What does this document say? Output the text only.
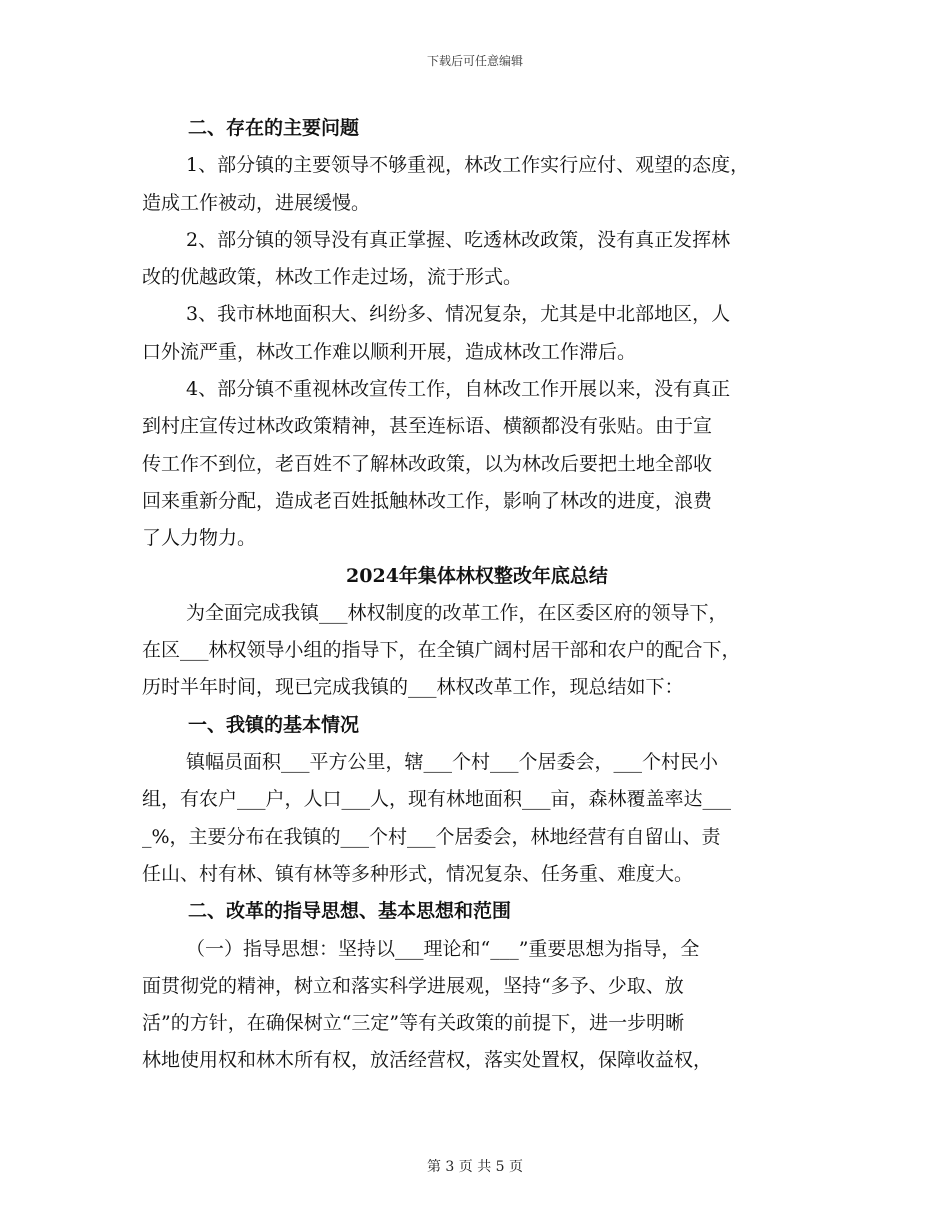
下载后可任意编辑
二、存在的主要问题
1、部分镇的主要领导不够重视，林改工作实行应付、观望的态度，
造成工作被动，进展缓慢。
2、部分镇的领导没有真正掌握、吃透林改政策，没有真正发挥林
改的优越政策，林改工作走过场，流于形式。
3、我市林地面积大、纠纷多、情况复杂，尤其是中北部地区，人
口外流严重，林改工作难以顺利开展，造成林改工作滞后。
4、部分镇不重视林改宣传工作，自林改工作开展以来，没有真正
到村庄宣传过林改政策精神，甚至连标语、横额都没有张贴。由于宣
传工作不到位，老百姓不了解林改政策，以为林改后要把土地全部收
回来重新分配，造成老百姓抵触林改工作，影响了林改的进度，浪费
了人力物力。
2024年集体林权整改年底总结
为全面完成我镇___林权制度的改革工作，在区委区府的领导下，
在区___林权领导小组的指导下，在全镇广阔村居干部和农户的配合下，
历时半年时间，现已完成我镇的___林权改革工作，现总结如下：
一、我镇的基本情况
镇幅员面积___平方公里，辖___个村___个居委会，___个村民小
组，有农户___户，人口___人，现有林地面积___亩，森林覆盖率达___
_%，主要分布在我镇的___个村___个居委会，林地经营有自留山、责
任山、村有林、镇有林等多种形式，情况复杂、任务重、难度大。
二、改革的指导思想、基本思想和范围
（一）指导思想：坚持以___理论和“___”重要思想为指导，全
面贯彻党的精神，树立和落实科学进展观，坚持“多予、少取、放
活”的方针，在确保树立“三定”等有关政策的前提下，进一步明晰
林地使用权和林木所有权，放活经营权，落实处置权，保障收益权，
第 3 页 共 5 页
